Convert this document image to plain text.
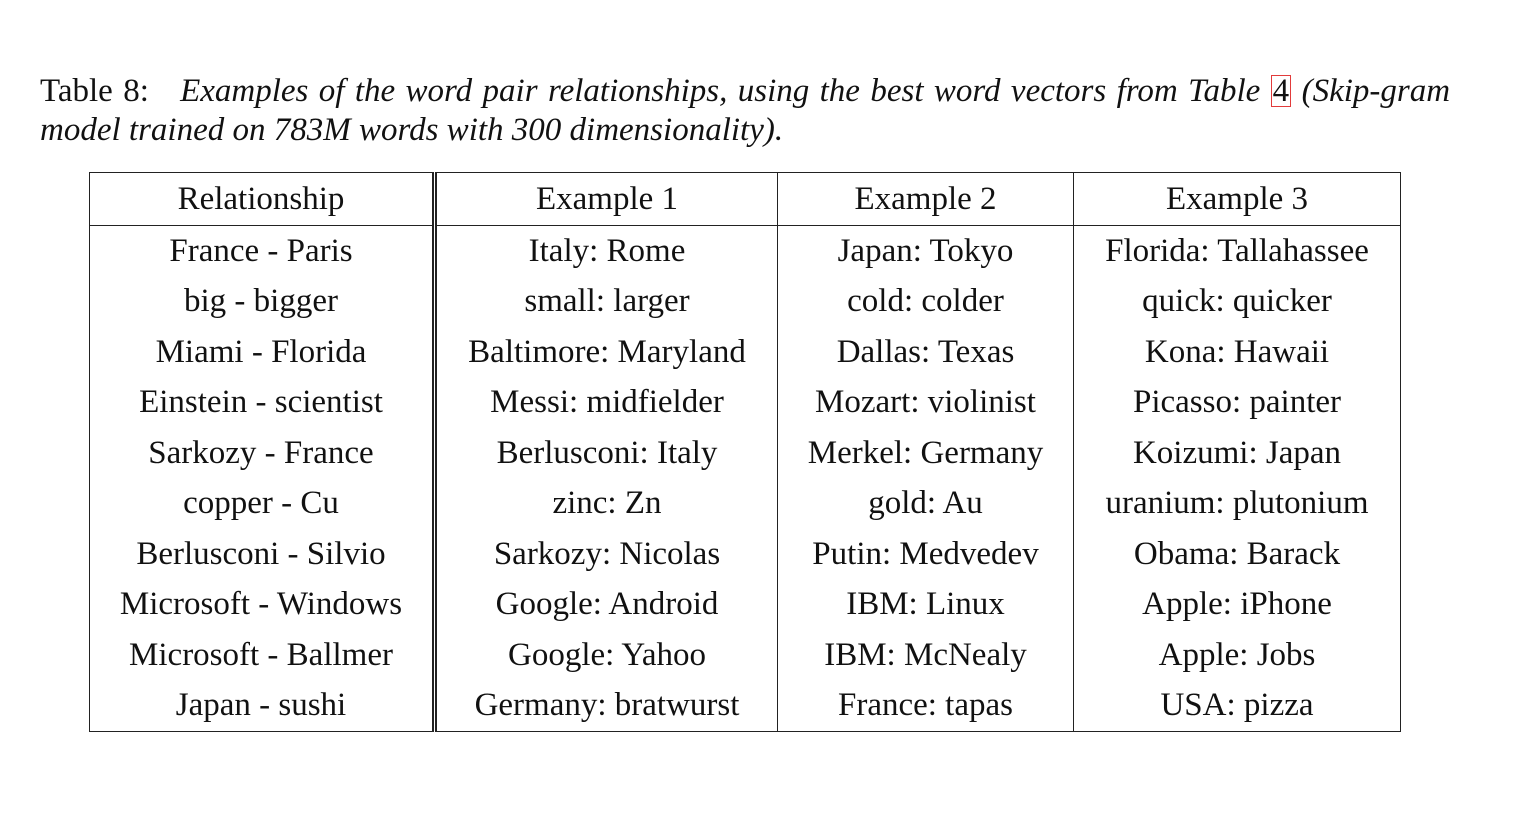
Table 8: Examples of the word pair relationships, using the best word vectors from Table 4 (Skip-gram model trained on 783M words with 300 dimensionality).
Relationship	Example 1	Example 2	Example 3
France - Paris	Italy: Rome	Japan: Tokyo	Florida: Tallahassee
big - bigger	small: larger	cold: colder	quick: quicker
Miami - Florida	Baltimore: Maryland	Dallas: Texas	Kona: Hawaii
Einstein - scientist	Messi: midfielder	Mozart: violinist	Picasso: painter
Sarkozy - France	Berlusconi: Italy	Merkel: Germany	Koizumi: Japan
copper - Cu	zinc: Zn	gold: Au	uranium: plutonium
Berlusconi - Silvio	Sarkozy: Nicolas	Putin: Medvedev	Obama: Barack
Microsoft - Windows	Google: Android	IBM: Linux	Apple: iPhone
Microsoft - Ballmer	Google: Yahoo	IBM: McNealy	Apple: Jobs
Japan - sushi	Germany: bratwurst	France: tapas	USA: pizza
